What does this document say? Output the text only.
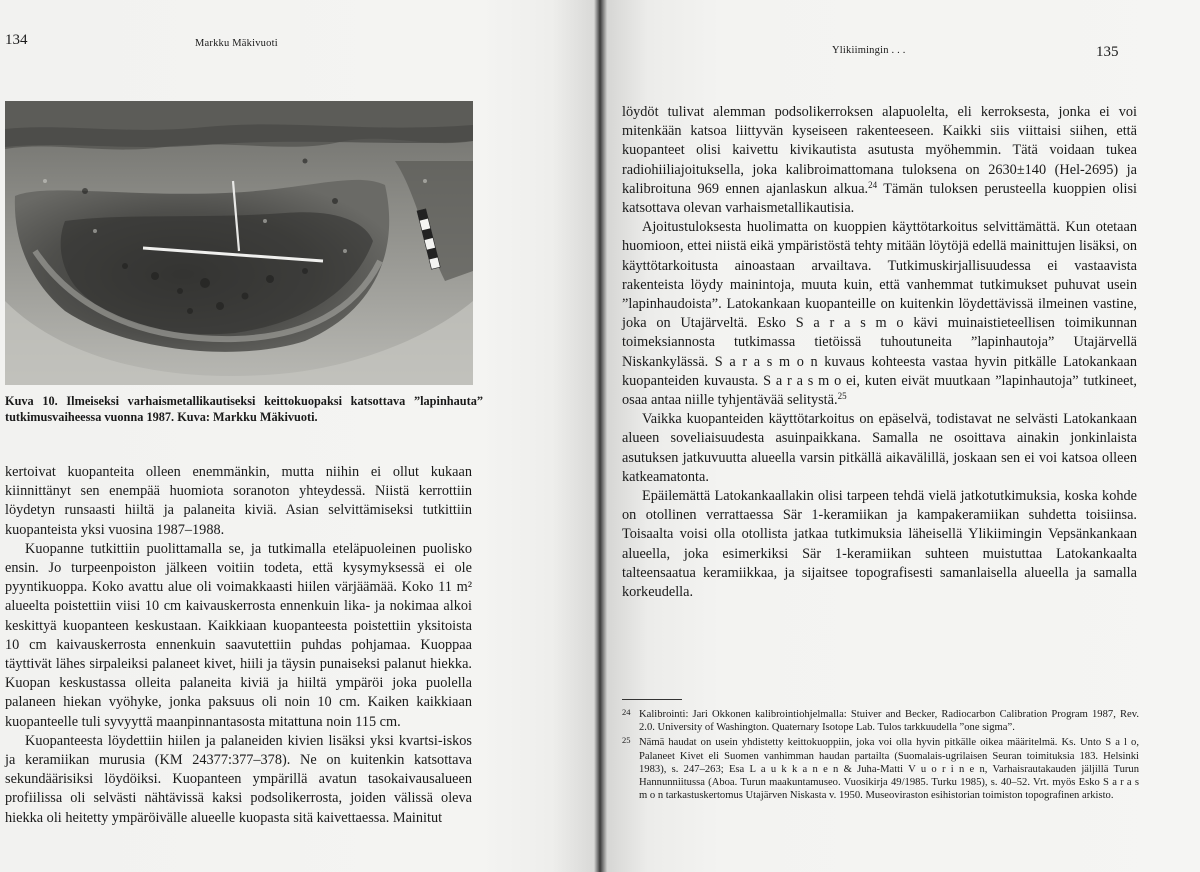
134	Markku Mäkivuoti
Kuva 10. Ilmeiseksi varhaismetallikautiseksi keittokuopaksi katsottava ”lapinhauta” tutkimusvaiheessa vuonna 1987. Kuva: Markku Mäkivuoti.

kertoivat kuopanteita olleen enemmänkin, mutta niihin ei ollut kukaan kiinnittänyt sen enempää huomiota soranoton yhteydessä. Niistä kerrottiin löydetyn runsaasti hiiltä ja palaneita kiviä. Asian selvittämiseksi tutkittiin kuopanteista yksi vuosina 1987–1988.

Kuopanne tutkittiin puolittamalla se, ja tutkimalla eteläpuoleinen puolisko ensin. Jo turpeenpoiston jälkeen voitiin todeta, että kysymyksessä ei ole pyyntikuoppa. Koko avattu alue oli voimakkaasti hiilen värjäämää. Koko 11 m² alueelta poistettiin viisi 10 cm kaivauskerrosta ennenkuin lika- ja nokimaa alkoi keskittyä kuopanteen keskustaan. Kaikkiaan kuopanteesta poistettiin yksitoista 10 cm kaivauskerrosta ennenkuin saavutettiin puhdas pohjamaa. Kuoppaa täyttivät lähes sirpaleiksi palaneet kivet, hiili ja täysin punaiseksi palanut hiekka. Kuopan keskustassa olleita palaneita kiviä ja hiiltä ympäröi joka puolella palaneen hiekan vyöhyke, jonka paksuus oli noin 10 cm. Kaiken kaikkiaan kuopanteelle tuli syvyyttä maanpinnantasosta mitattuna noin 115 cm.

Kuopanteesta löydettiin hiilen ja palaneiden kivien lisäksi yksi kvartsi-iskos ja keramiikan murusia (KM 24377:377–378). Ne on kuitenkin katsottava sekundäärisiksi löydöiksi. Kuopanteen ympärillä avatun tasokaivausalueen profiilissa oli selvästi nähtävissä kaksi podsolikerrosta, joiden välissä oleva hiekka oli heitetty ympäröivälle alueelle kuopasta sitä kaivettaessa. Mainitut

Ylikiimingin . . .	135

löydöt tulivat alemman podsolikerroksen alapuolelta, eli kerroksesta, jonka ei voi mitenkään katsoa liittyvän kyseiseen rakenteeseen. Kaikki siis viittaisi siihen, että kuopanteet olisi kaivettu kivikautista asutusta myöhemmin. Tätä voidaan tukea radiohiiliajoituksella, joka kalibroimattomana tuloksena on 2630±140 (Hel-2695) ja kalibroituna 969 ennen ajanlaskun alkua.$^{24}$ Tämän tuloksen perusteella kuoppien olisi katsottava olevan varhaismetallikautisia.

Ajoitustuloksesta huolimatta on kuoppien käyttötarkoitus selvittämättä. Kun otetaan huomioon, ettei niistä eikä ympäristöstä tehty mitään löytöjä edellä mainittujen lisäksi, on käyttötarkoitusta ainoastaan arvailtava. Tutkimuskirjallisuudessa ei vastaavista rakenteista löydy mainintoja, muuta kuin, että vanhemmat tutkimukset puhuvat usein ”lapinhaudoista”. Latokankaan kuopanteille on kuitenkin löydettävissä ilmeinen vastine, joka on Utajärveltä. Esko S a r a s m o kävi muinaistieteellisen toimikunnan toimeksiannosta tutkimassa tietöissä tuhoutuneita ”lapinhautoja” Utajärvellä Niskankylässä. S a r a s m o n kuvaus kohteesta vastaa hyvin pitkälle Latokankaan kuopanteiden kuvausta. S a r a s m o ei, kuten eivät muutkaan ”lapinhautoja” tutkineet, osaa antaa niille tyhjentävää selitystä.$^{25}$

Vaikka kuopanteiden käyttötarkoitus on epäselvä, todistavat ne selvästi Latokankaan alueen soveliaisuudesta asuinpaikkana. Samalla ne osoittava ainakin jonkinlaista asutuksen jatkuvuutta alueella varsin pitkällä aikavälillä, joskaan sen ei voi katsoa olleen katkeamatonta.

Epäilemättä Latokankaallakin olisi tarpeen tehdä vielä jatkotutkimuksia, koska kohde on otollinen verrattaessa Sär 1-keramiikan ja kampakeramiikan suhdetta toisiinsa. Toisaalta voisi olla otollista jatkaa tutkimuksia läheisellä Ylikiimingin Vepsänkankaan alueella, joka esimerkiksi Sär 1-keramiikan suhteen muistuttaa Latokankaalta talteensaatua keramiikkaa, ja sijaitsee topografisesti samanlaisella alueella ja samalla korkeudella.

24 Kalibrointi: Jari Okkonen kalibrointiohjelmalla: Stuiver and Becker, Radiocarbon Calibration Program 1987, Rev. 2.0. University of Washington. Quaternary Isotope Lab. Tulos tarkkuudella ”one sigma”.
25 Nämä haudat on usein yhdistetty keittokuoppiin, joka voi olla hyvin pitkälle oikea määritelmä. Ks. Unto S a l o, Palaneet Kivet eli Suomen vanhimman haudan partailta (Suomalais-ugrilaisen Seuran toimituksia 183. Helsinki 1983), s. 247–263; Esa L a u k k a n e n & Juha-Matti V u o r i n e n, Varhaisrautakauden jäljillä Turun Hannunniitussa (Aboa. Turun maakuntamuseo. Vuosikirja 49/1985. Turku 1985), s. 40–52. Vrt. myös Esko S a r a s m o n tarkastuskertomus Utajärven Niskasta v. 1950. Museoviraston esihistorian toimiston topografinen arkisto.
